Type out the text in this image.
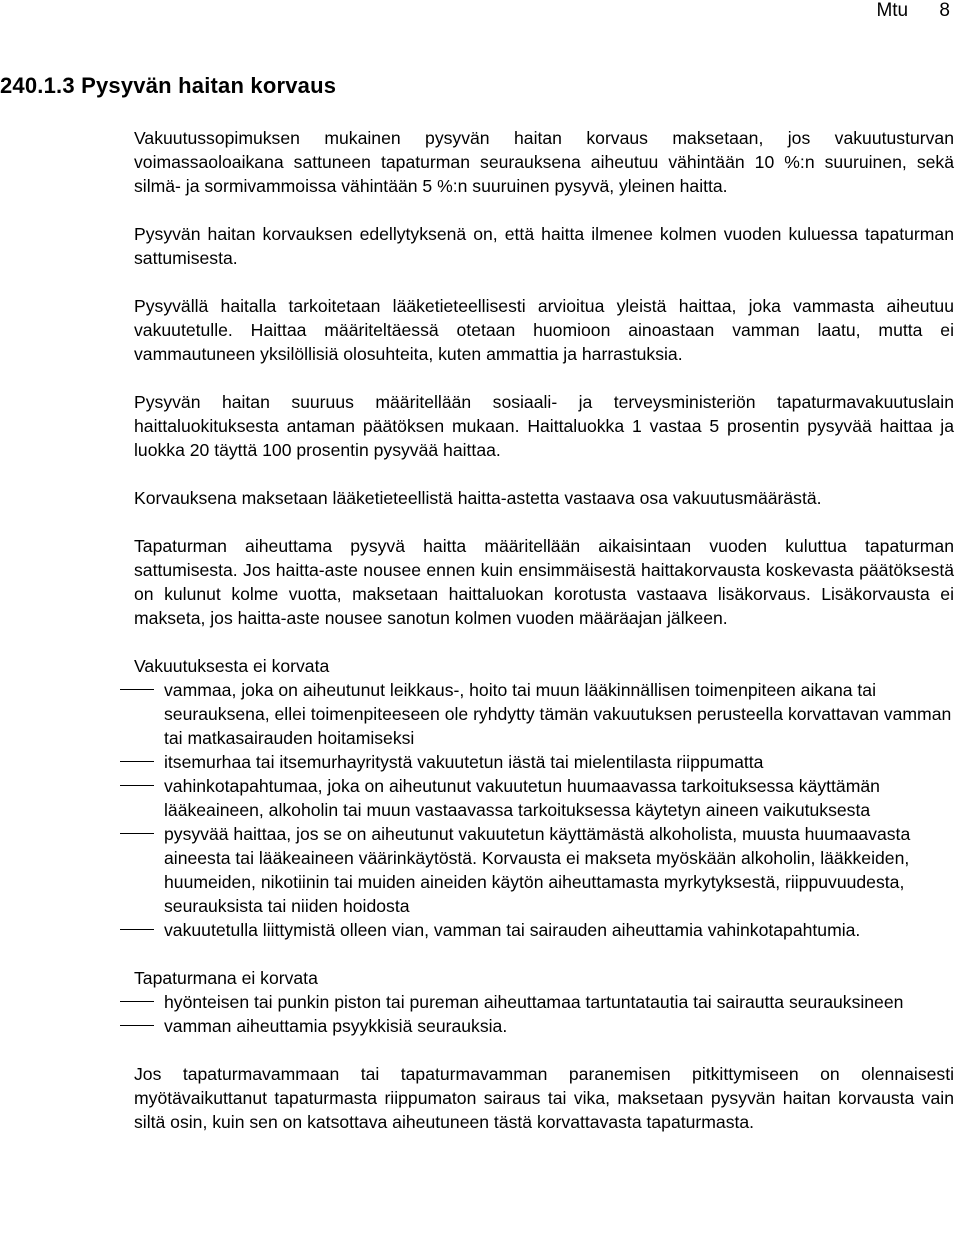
Mtu 8
240.1.3 Pysyvän haitan korvaus

Vakuutussopimuksen mukainen pysyvän haitan korvaus maksetaan, jos vakuutusturvan voimassaoloaikana sattuneen tapaturman seurauksena aiheutuu vähintään 10 %:n suuruinen, sekä silmä- ja sormivammoissa vähintään 5 %:n suuruinen pysyvä, yleinen haitta.

Pysyvän haitan korvauksen edellytyksenä on, että haitta ilmenee kolmen vuoden kuluessa tapaturman sattumisesta.

Pysyvällä haitalla tarkoitetaan lääketieteellisesti arvioitua yleistä haittaa, joka vammasta aiheutuu vakuutetulle. Haittaa määriteltäessä otetaan huomioon ainoastaan vamman laatu, mutta ei vammautuneen yksilöllisiä olosuhteita, kuten ammattia ja harrastuksia.

Pysyvän haitan suuruus määritellään sosiaali- ja terveysministeriön tapaturmavakuutuslain haittaluokituksesta antaman päätöksen mukaan. Haittaluokka 1 vastaa 5 prosentin pysyvää haittaa ja luokka 20 täyttä 100 prosentin pysyvää haittaa.

Korvauksena maksetaan lääketieteellistä haitta-astetta vastaava osa vakuutusmäärästä.

Tapaturman aiheuttama pysyvä haitta määritellään aikaisintaan vuoden kuluttua tapaturman sattumisesta. Jos haitta-aste nousee ennen kuin ensimmäisestä haittakorvausta koskevasta päätöksestä on kulunut kolme vuotta, maksetaan haittaluokan korotusta vastaava lisäkorvaus. Lisäkorvausta ei makseta, jos haitta-aste nousee sanotun kolmen vuoden määräajan jälkeen.

Vakuutuksesta ei korvata
vammaa, joka on aiheutunut leikkaus-, hoito tai muun lääkinnällisen toimenpiteen aikana tai seurauksena, ellei toimenpiteeseen ole ryhdytty tämän vakuutuksen perusteella korvattavan vamman tai matkasairauden hoitamiseksi
itsemurhaa tai itsemurhayritystä vakuutetun iästä tai mielentilasta riippumatta
vahinkotapahtumaa, joka on aiheutunut vakuutetun huumaavassa tarkoituksessa käyttämän lääkeaineen, alkoholin tai muun vastaavassa tarkoituksessa käytetyn aineen vaikutuksesta
pysyvää haittaa, jos se on aiheutunut vakuutetun käyttämästä alkoholista, muusta huumaavasta aineesta tai lääkeaineen väärinkäytöstä. Korvausta ei makseta myöskään alkoholin, lääkkeiden, huumeiden, nikotiinin tai muiden aineiden käytön aiheuttamasta myrkytyksestä, riippuvuudesta, seurauksista tai niiden hoidosta
vakuutetulla liittymistä olleen vian, vamman tai sairauden aiheuttamia vahinkotapahtumia.
Tapaturmana ei korvata
hyönteisen tai punkin piston tai pureman aiheuttamaa tartuntatautia tai sairautta seurauksineen
vamman aiheuttamia psyykkisiä seurauksia.

Jos tapaturmavammaan tai tapaturmavamman paranemisen pitkittymiseen on olennaisesti myötävaikuttanut tapaturmasta riippumaton sairaus tai vika, maksetaan pysyvän haitan korvausta vain siltä osin, kuin sen on katsottava aiheutuneen tästä korvattavasta tapaturmasta.
